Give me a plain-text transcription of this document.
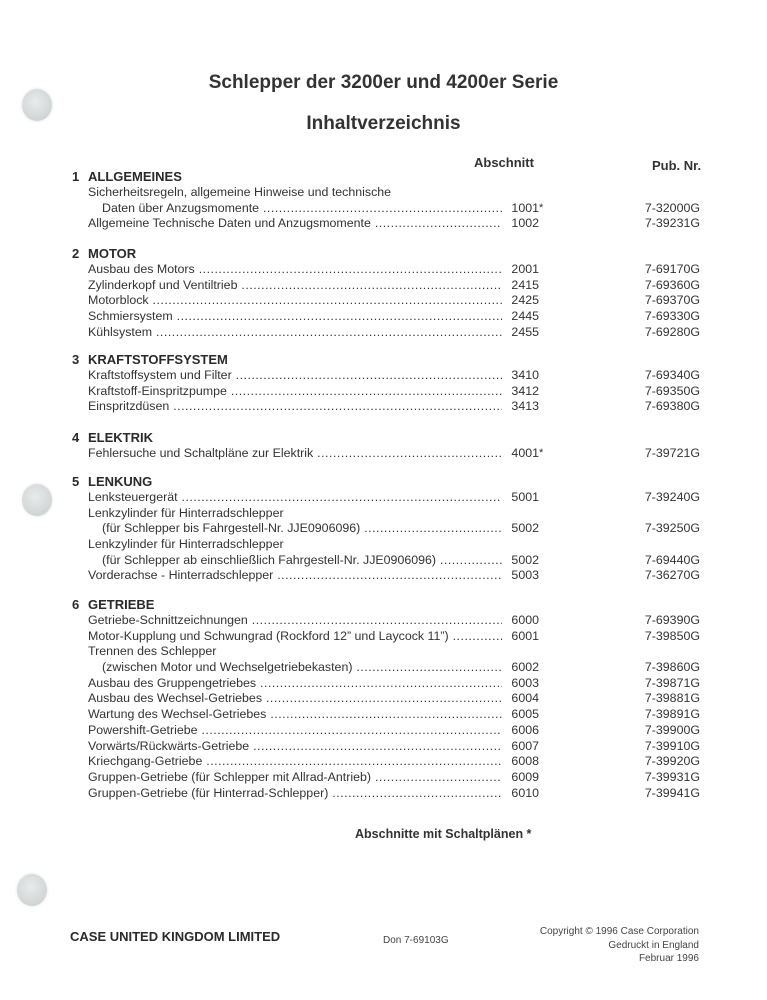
Schlepper der 3200er und 4200er Serie
Inhaltverzeichnis
Abschnitt	Pub. Nr.
1 ALLGEMEINES
Sicherheitsregeln, allgemeine Hinweise und technische
Daten über Anzugsmomente .....	1001 *	7-32000G
Allgemeine Technische Daten und Anzugsmomente .....	1002	7-39231G
2 MOTOR
Ausbau des Motors .....	2001	7-69170G
Zylinderkopf und Ventiltrieb .....	2415	7-69360G
Motorblock .....	2425	7-69370G
Schmiersystem .....	2445	7-69330G
Kühlsystem .....	2455	7-69280G
3 KRAFTSTOFFSYSTEM
Kraftstoffsystem und Filter .....	3410	7-69340G
Kraftstoff-Einspritzpumpe .....	3412	7-69350G
Einspritzdüsen .....	3413	7-69380G
4 ELEKTRIK
Fehlersuche und Schaltpläne zur Elektrik .....	4001 *	7-39721G
5 LENKUNG
Lenksteuergerät .....	5001	7-39240G
Lenkzylinder für Hinterradschlepper
(für Schlepper bis Fahrgestell-Nr. JJE0906096) .....	5002	7-39250G
Lenkzylinder für Hinterradschlepper
(für Schlepper ab einschließlich Fahrgestell-Nr. JJE0906096) .....	5002	7-69440G
Vorderachse - Hinterradschlepper .....	5003	7-36270G
6 GETRIEBE
Getriebe-Schnittzeichnungen .....	6000	7-69390G
Motor-Kupplung und Schwungrad (Rockford 12” und Laycock 11”) .....	6001	7-39850G
Trennen des Schlepper
(zwischen Motor und Wechselgetriebekasten) .....	6002	7-39860G
Ausbau des Gruppengetriebes .....	6003	7-39871G
Ausbau des Wechsel-Getriebes .....	6004	7-39881G
Wartung des Wechsel-Getriebes .....	6005	7-39891G
Powershift-Getriebe .....	6006	7-39900G
Vorwärts/Rückwärts-Getriebe .....	6007	7-39910G
Kriechgang-Getriebe .....	6008	7-39920G
Gruppen-Getriebe (für Schlepper mit Allrad-Antrieb) .....	6009	7-39931G
Gruppen-Getriebe (für Hinterrad-Schlepper) .....	6010	7-39941G
Abschnitte mit Schaltplänen *
CASE UNITED KINGDOM LIMITED	Don 7-69103G
Copyright © 1996 Case Corporation
Gedruckt in England
Februar 1996
